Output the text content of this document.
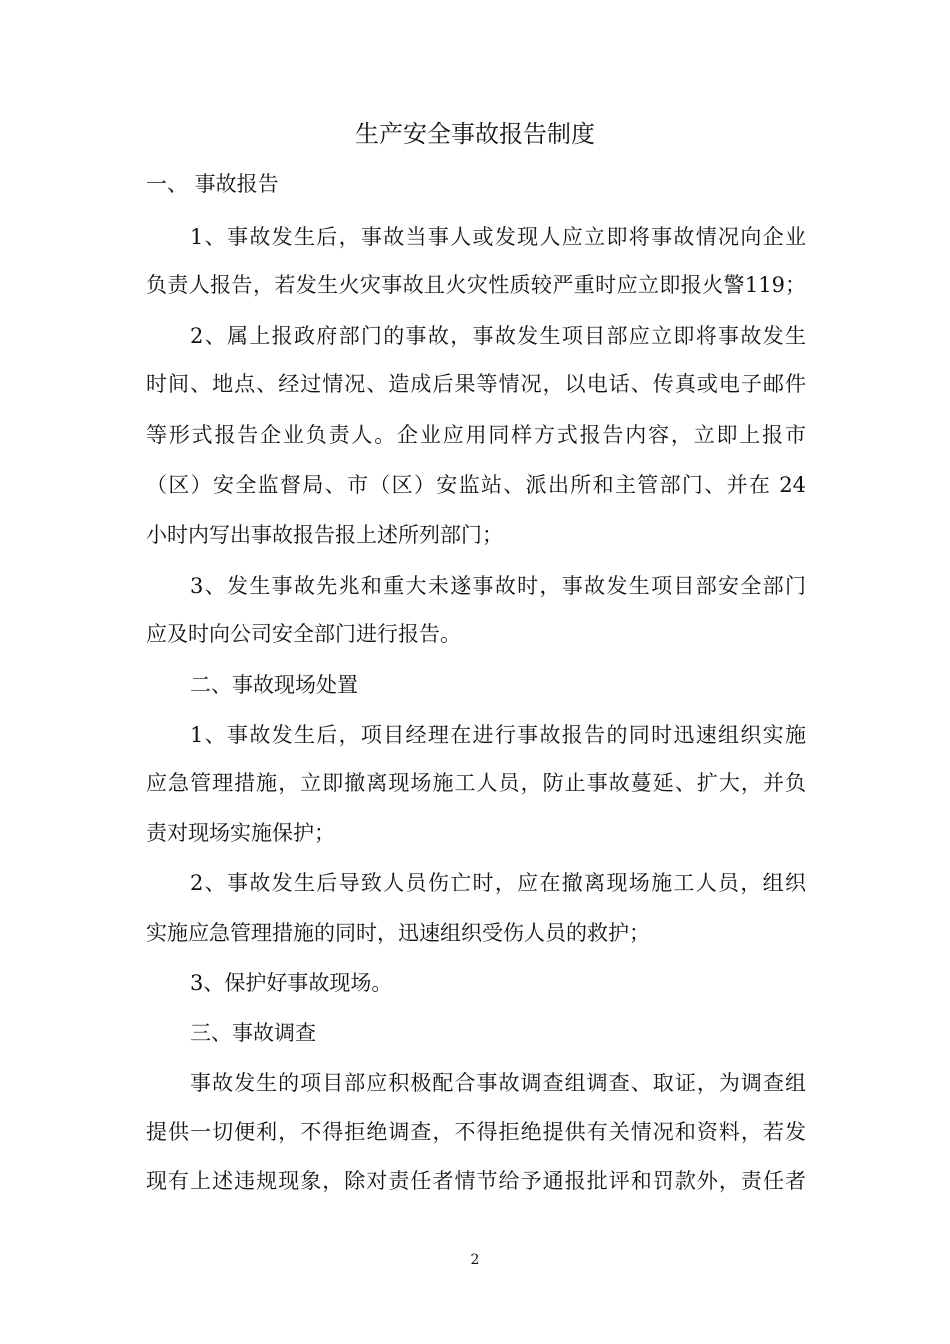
生产安全事故报告制度

一、 事故报告

1、事故发生后，事故当事人或发现人应立即将事故情况向企业

负责人报告，若发生火灾事故且火灾性质较严重时应立即报火警119；

2、属上报政府部门的事故，事故发生项目部应立即将事故发生

时间、地点、经过情况、造成后果等情况，以电话、传真或电子邮件

等形式报告企业负责人。企业应用同样方式报告内容，立即上报市

（区）安全监督局、市（区）安监站、派出所和主管部门、并在 24

小时内写出事故报告报上述所列部门；

3、发生事故先兆和重大未遂事故时，事故发生项目部安全部门

应及时向公司安全部门进行报告。

二、事故现场处置

1、事故发生后，项目经理在进行事故报告的同时迅速组织实施

应急管理措施，立即撤离现场施工人员，防止事故蔓延、扩大，并负

责对现场实施保护；

2、事故发生后导致人员伤亡时，应在撤离现场施工人员，组织

实施应急管理措施的同时，迅速组织受伤人员的救护；

3、保护好事故现场。

三、事故调查

事故发生的项目部应积极配合事故调查组调查、取证，为调查组

提供一切便利，不得拒绝调查，不得拒绝提供有关情况和资料，若发

现有上述违规现象，除对责任者情节给予通报批评和罚款外，责任者

2
